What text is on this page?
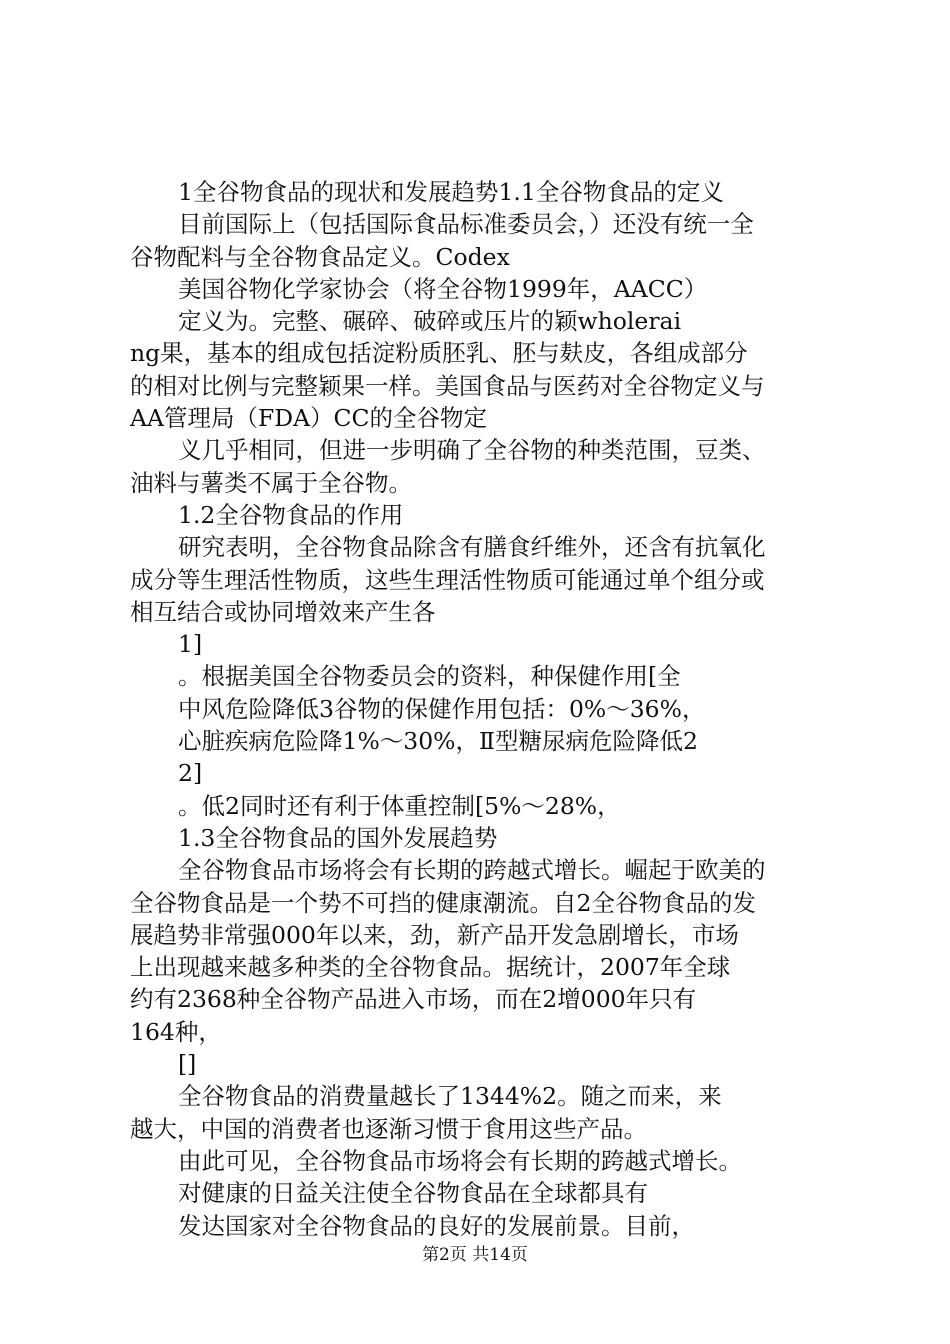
1全谷物食品的现状和发展趋势1.1全谷物食品的定义
目前国际上（包括国际食品标准委员会，）还没有统一全
谷物配料与全谷物食品定义。Codex
美国谷物化学家协会（将全谷物1999年，AACC）
定义为。完整、碾碎、破碎或压片的颖wholerai
ng果，基本的组成包括淀粉质胚乳、胚与麸皮，各组成部分
的相对比例与完整颖果一样。美国食品与医药对全谷物定义与
AA管理局（FDA）CC的全谷物定
义几乎相同，但进一步明确了全谷物的种类范围，豆类、
油料与薯类不属于全谷物。
1.2全谷物食品的作用
研究表明，全谷物食品除含有膳食纤维外，还含有抗氧化
成分等生理活性物质，这些生理活性物质可能通过单个组分或
相互结合或协同增效来产生各
1]
。根据美国全谷物委员会的资料，种保健作用[全
中风危险降低3谷物的保健作用包括：0%～36%，
心脏疾病危险降1%～30%，Ⅱ型糖尿病危险降低2
2]
。低2同时还有利于体重控制[5%～28%，
1.3全谷物食品的国外发展趋势
全谷物食品市场将会有长期的跨越式增长。崛起于欧美的
全谷物食品是一个势不可挡的健康潮流。自2全谷物食品的发
展趋势非常强000年以来，劲，新产品开发急剧增长，市场
上出现越来越多种类的全谷物食品。据统计，2007年全球
约有2368种全谷物产品进入市场，而在2增000年只有
164种，
[]
全谷物食品的消费量越长了1344%2。随之而来，来
越大，中国的消费者也逐渐习惯于食用这些产品。
由此可见，全谷物食品市场将会有长期的跨越式增长。
对健康的日益关注使全谷物食品在全球都具有
发达国家对全谷物食品的良好的发展前景。目前，
第2页 共14页
